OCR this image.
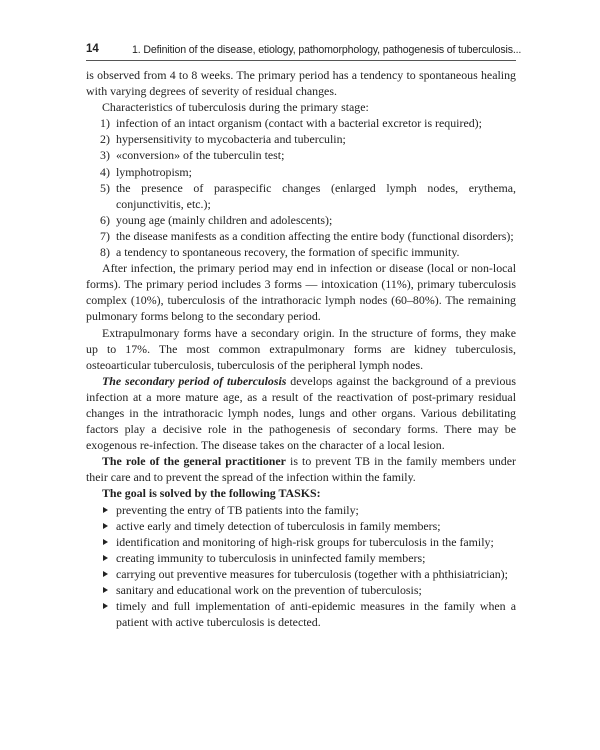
14	1. Definition of the disease, etiology, pathomorphology, pathogenesis of tuberculosis...

is observed from 4 to 8 weeks. The primary period has a tendency to spontaneous healing with varying degrees of severity of residual changes.

Characteristics of tuberculosis during the primary stage:

1) infection of an intact organism (contact with a bacterial excretor is required);
2) hypersensitivity to mycobacteria and tuberculin;
3) «conversion» of the tuberculin test;
4) lymphotropism;
5) the presence of paraspecific changes (enlarged lymph nodes, erythema, conjunctivitis, etc.);
6) young age (mainly children and adolescents);
7) the disease manifests as a condition affecting the entire body (functional disorders);
8) a tendency to spontaneous recovery, the formation of specific immunity.

After infection, the primary period may end in infection or disease (local or non-local forms). The primary period includes 3 forms — intoxication (11%), primary tuberculosis complex (10%), tuberculosis of the intrathoracic lymph nodes (60–80%). The remaining pulmonary forms belong to the secondary period.

Extrapulmonary forms have a secondary origin. In the structure of forms, they make up to 17%. The most common extrapulmonary forms are kidney tuberculosis, osteoarticular tuberculosis, tuberculosis of the peripheral lymph nodes.

The secondary period of tuberculosis develops against the background of a previous infection at a more mature age, as a result of the reactivation of post-primary residual changes in the intrathoracic lymph nodes, lungs and other organs. Various debilitating factors play a decisive role in the pathogenesis of secondary forms. There may be exogenous re-infection. The disease takes on the character of a local lesion.

The role of the general practitioner is to prevent TB in the family members under their care and to prevent the spread of the infection within the family.

The goal is solved by the following TASKS:

preventing the entry of TB patients into the family;
active early and timely detection of tuberculosis in family members;
identification and monitoring of high-risk groups for tuberculosis in the family;
creating immunity to tuberculosis in uninfected family members;
carrying out preventive measures for tuberculosis (together with a phthisiatrician);
sanitary and educational work on the prevention of tuberculosis;
timely and full implementation of anti-epidemic measures in the family when a patient with active tuberculosis is detected.
